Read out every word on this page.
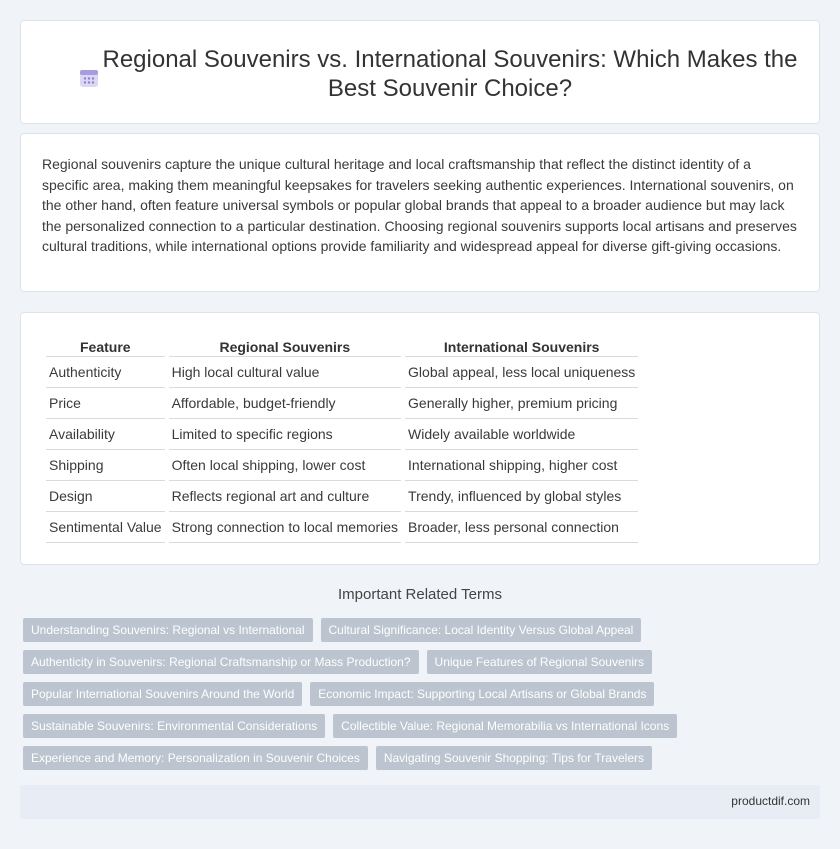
Regional Souvenirs vs. International Souvenirs: Which Makes the Best Souvenir Choice?

Regional souvenirs capture the unique cultural heritage and local craftsmanship that reflect the distinct identity of a specific area, making them meaningful keepsakes for travelers seeking authentic experiences. International souvenirs, on the other hand, often feature universal symbols or popular global brands that appeal to a broader audience but may lack the personalized connection to a particular destination. Choosing regional souvenirs supports local artisans and preserves cultural traditions, while international options provide familiarity and widespread appeal for diverse gift-giving occasions.

Feature	Regional Souvenirs	International Souvenirs
Authenticity	High local cultural value	Global appeal, less local uniqueness
Price	Affordable, budget-friendly	Generally higher, premium pricing
Availability	Limited to specific regions	Widely available worldwide
Shipping	Often local shipping, lower cost	International shipping, higher cost
Design	Reflects regional art and culture	Trendy, influenced by global styles
Sentimental Value	Strong connection to local memories	Broader, less personal connection
Important Related Terms
Understanding Souvenirs: Regional vs International	Cultural Significance: Local Identity Versus Global Appeal
Authenticity in Souvenirs: Regional Craftsmanship or Mass Production?	Unique Features of Regional Souvenirs
Popular International Souvenirs Around the World	Economic Impact: Supporting Local Artisans or Global Brands
Sustainable Souvenirs: Environmental Considerations	Collectible Value: Regional Memorabilia vs International Icons
Experience and Memory: Personalization in Souvenir Choices	Navigating Souvenir Shopping: Tips for Travelers
productdif.com
